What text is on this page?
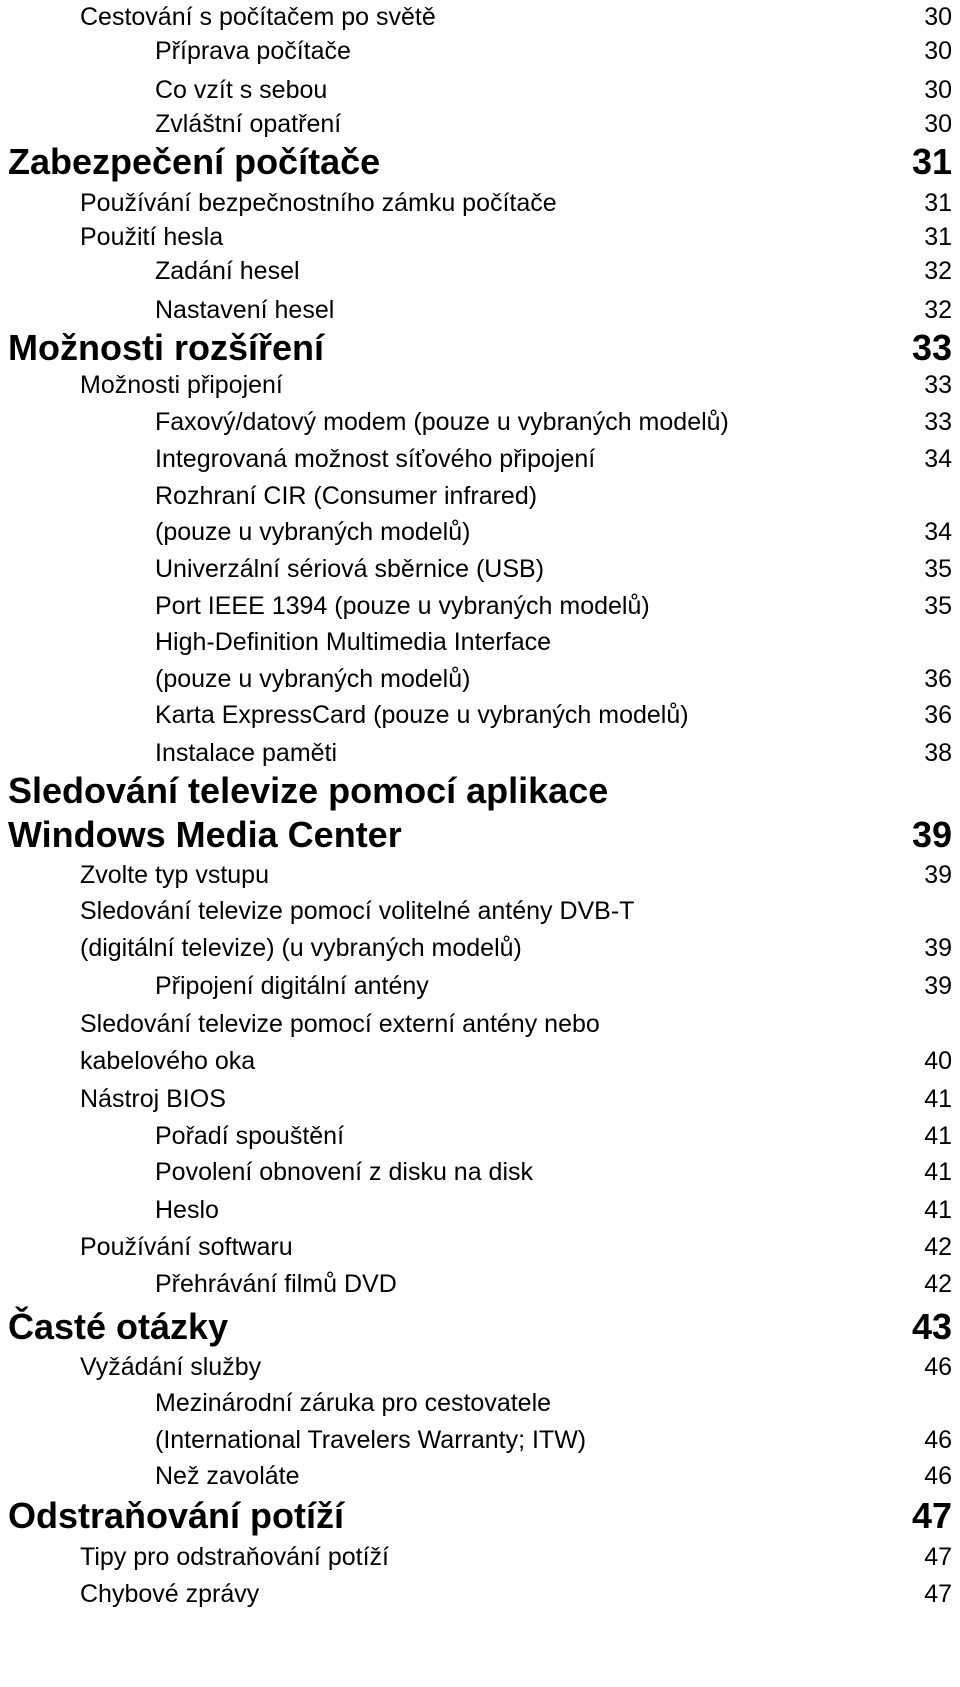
Cestování s počítačem po světě	30
Příprava počítače	30
Co vzít s sebou	30
Zvláštní opatření	30
Zabezpečení počítače	31
Používání bezpečnostního zámku počítače	31
Použití hesla	31
Zadání hesel	32
Nastavení hesel	32
Možnosti rozšíření	33
Možnosti připojení	33
Faxový/datový modem (pouze u vybraných modelů)	33
Integrovaná možnost síťového připojení	34
Rozhraní CIR (Consumer infrared)
(pouze u vybraných modelů)	34
Univerzální sériová sběrnice (USB)	35
Port IEEE 1394 (pouze u vybraných modelů)	35
High-Definition Multimedia Interface
(pouze u vybraných modelů)	36
Karta ExpressCard (pouze u vybraných modelů)	36
Instalace paměti	38
Sledování televize pomocí aplikace
Windows Media Center	39
Zvolte typ vstupu	39
Sledování televize pomocí volitelné antény DVB-T
(digitální televize) (u vybraných modelů)	39
Připojení digitální antény	39
Sledování televize pomocí externí antény nebo
kabelového oka	40
Nástroj BIOS	41
Pořadí spouštění	41
Povolení obnovení z disku na disk	41
Heslo	41
Používání softwaru	42
Přehrávání filmů DVD	42
Časté otázky	43
Vyžádání služby	46
Mezinárodní záruka pro cestovatele
(International Travelers Warranty; ITW)	46
Než zavoláte	46
Odstraňování potíží	47
Tipy pro odstraňování potíží	47
Chybové zprávy	47
